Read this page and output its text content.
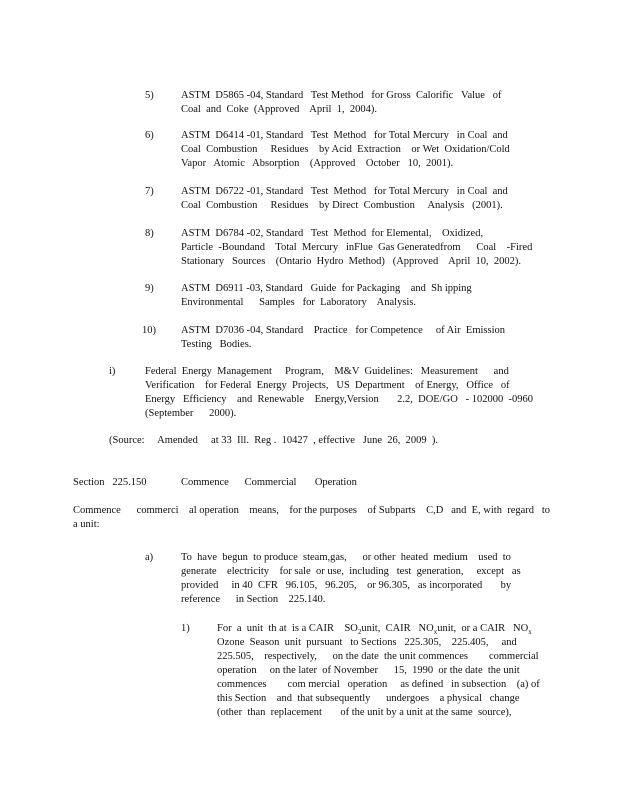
5)	ASTM  D5865 -04, Standard   Test Method   for Gross  Calorific   Value   of
Coal  and  Coke  (Approved    April  1,  2004).
6)	ASTM  D6414 -01, Standard   Test  Method   for Total Mercury   in Coal  and
Coal  Combustion     Residues    by Acid  Extraction    or Wet  Oxidation/Cold
Vapor   Atomic   Absorption    (Approved    October   10,  2001).
7)	ASTM  D6722 -01, Standard   Test  Method   for Total Mercury   in Coal  and
Coal  Combustion     Residues    by Direct  Combustion     Analysis   (2001).
8)	ASTM  D6784 -02, Standard   Test  Method  for Elemental,    Oxidized,
Particle  -Boundand    Total  Mercury   inFlue  Gas Generatedfrom      Coal    -Fired
Stationary   Sources    (Ontario  Hydro  Method)   (Approved    April  10,  2002).
9)	ASTM  D6911 -03, Standard   Guide  for Packaging    and  Sh ipping
Environmental      Samples   for  Laboratory    Analysis.
10) ASTM  D7036 -04, Standard    Practice   for Competence     of Air  Emission
Testing   Bodies.
i)	Federal  Energy  Management     Program,    M&V  Guidelines:   Measurement      and
Verification    for Federal  Energy  Projects,   US  Department    of Energy,   Office   of
Energy   Efficiency    and  Renewable    Energy,Version       2.2,  DOE/GO   - 102000  -0960
(September      2000).
(Source:     Amended     at 33  Ill.  Reg .  10427  , effective   June  26,  2009  ).
Section   225.150	Commence      Commercial       Operation
Commence      commerci    al operation    means,    for the purposes    of Subparts    C,D   and  E, with  regard   to
a unit:
a)	To  have  begun  to produce  steam,gas,      or other  heated  medium    used  to
generate    electricity    for sale  or use,  including   test  generation,     except   as
provided     in 40  CFR   96.105,   96.205,    or 96.305,   as incorporated       by
reference      in Section    225.140.
1)	For  a  unit  th at  is a CAIR    $SO_2unit$,  CAIR   $NO_xunit$,  or a CAIR   $NO_x$
Ozone  Season  unit  pursuant   to Sections   225.305,    225.405,     and
225.505,    respectively,      on the date  the unit commences        commercial
operation     on the later  of November      15,  1990  or the date  the unit
commences        com mercial   operation     as defined   in subsection    (a) of
this Section    and  that subsequently      undergoes    a physical   change
(other  than  replacement       of the unit by a unit at the same  source),
